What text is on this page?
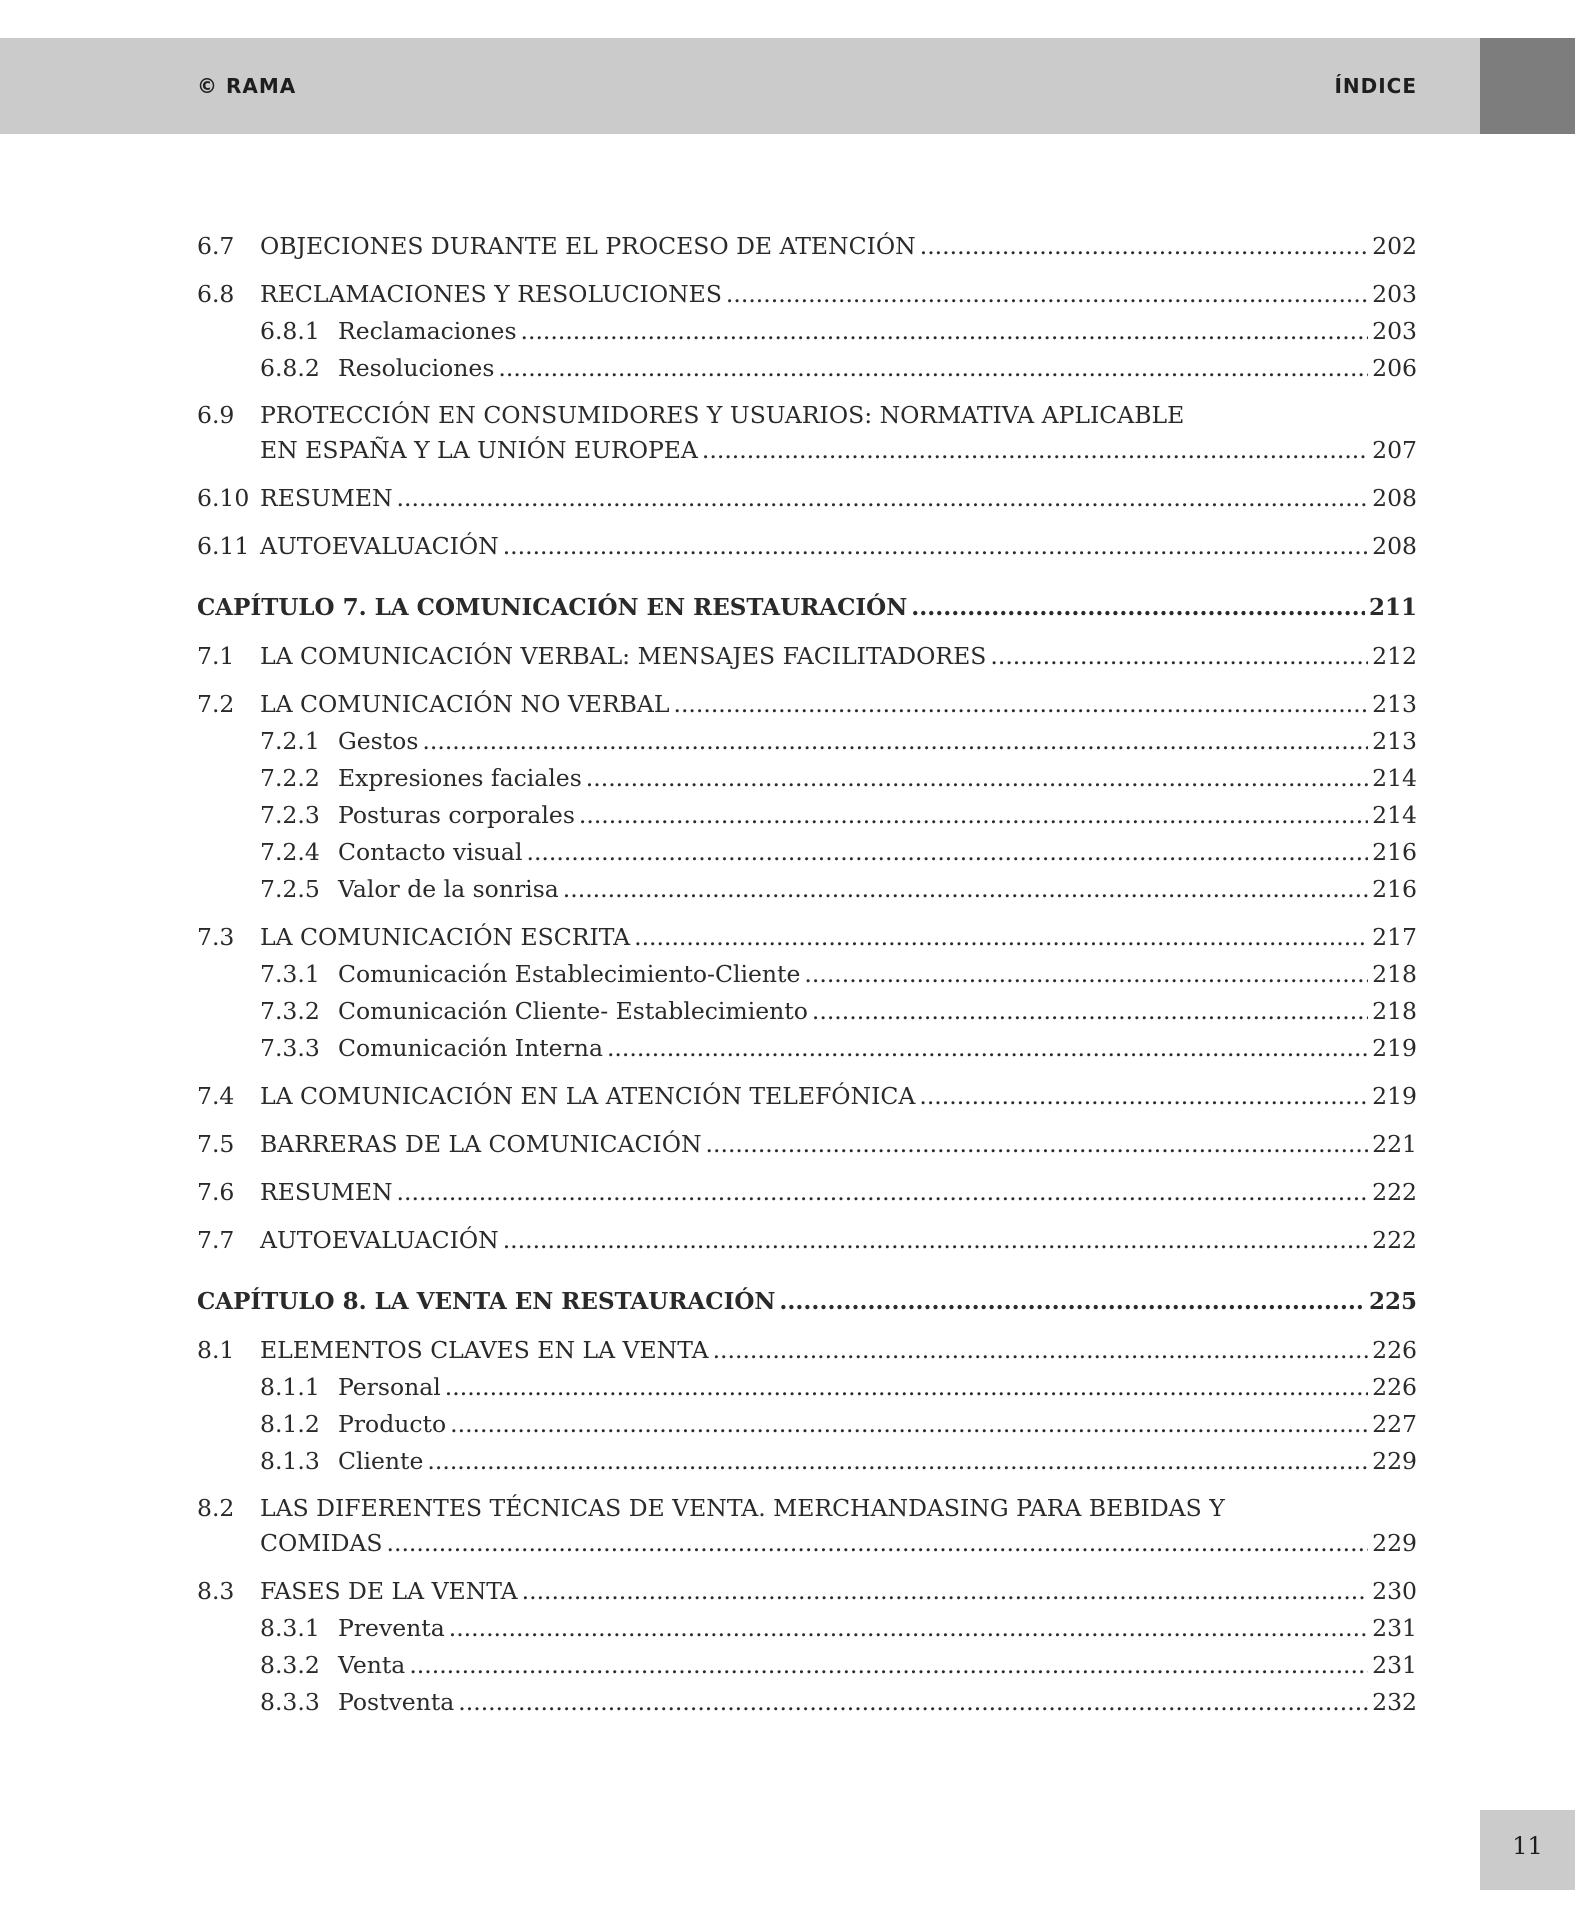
© RAMA	ÍNDICE
6.7	OBJECIONES DURANTE EL PROCESO DE ATENCIÓN .....	202
6.8	RECLAMACIONES Y RESOLUCIONES .....	203
6.8.1 Reclamaciones .....	203
6.8.2 Resoluciones .....	206
6.9	PROTECCIÓN EN CONSUMIDORES Y USUARIOS: NORMATIVA APLICABLE
EN ESPAÑA Y LA UNIÓN EUROPEA .....	207
6.10 RESUMEN .....	208
6.11 AUTOEVALUACIÓN .....	208
CAPÍTULO 7. LA COMUNICACIÓN EN RESTAURACIÓN .....	211
7.1	LA COMUNICACIÓN VERBAL: MENSAJES FACILITADORES .....	212
7.2	LA COMUNICACIÓN NO VERBAL .....	213
7.2.1 Gestos .....	213
7.2.2 Expresiones faciales .....	214
7.2.3 Posturas corporales .....	214
7.2.4 Contacto visual .....	216
7.2.5 Valor de la sonrisa .....	216
7.3	LA COMUNICACIÓN ESCRITA .....	217
7.3.1 Comunicación Establecimiento-Cliente .....	218
7.3.2 Comunicación Cliente- Establecimiento .....	218
7.3.3 Comunicación Interna .....	219
7.4	LA COMUNICACIÓN EN LA ATENCIÓN TELEFÓNICA .....	219
7.5	BARRERAS DE LA COMUNICACIÓN .....	221
7.6	RESUMEN .....	222
7.7	AUTOEVALUACIÓN .....	222
CAPÍTULO 8. LA VENTA EN RESTAURACIÓN .....	225
8.1	ELEMENTOS CLAVES EN LA VENTA .....	226
8.1.1 Personal .....	226
8.1.2 Producto .....	227
8.1.3 Cliente .....	229
8.2	LAS DIFERENTES TÉCNICAS DE VENTA. MERCHANDASING PARA BEBIDAS Y
COMIDAS .....	229
8.3	FASES DE LA VENTA .....	230
8.3.1 Preventa .....	231
8.3.2 Venta .....	231
8.3.3 Postventa .....	232
11
